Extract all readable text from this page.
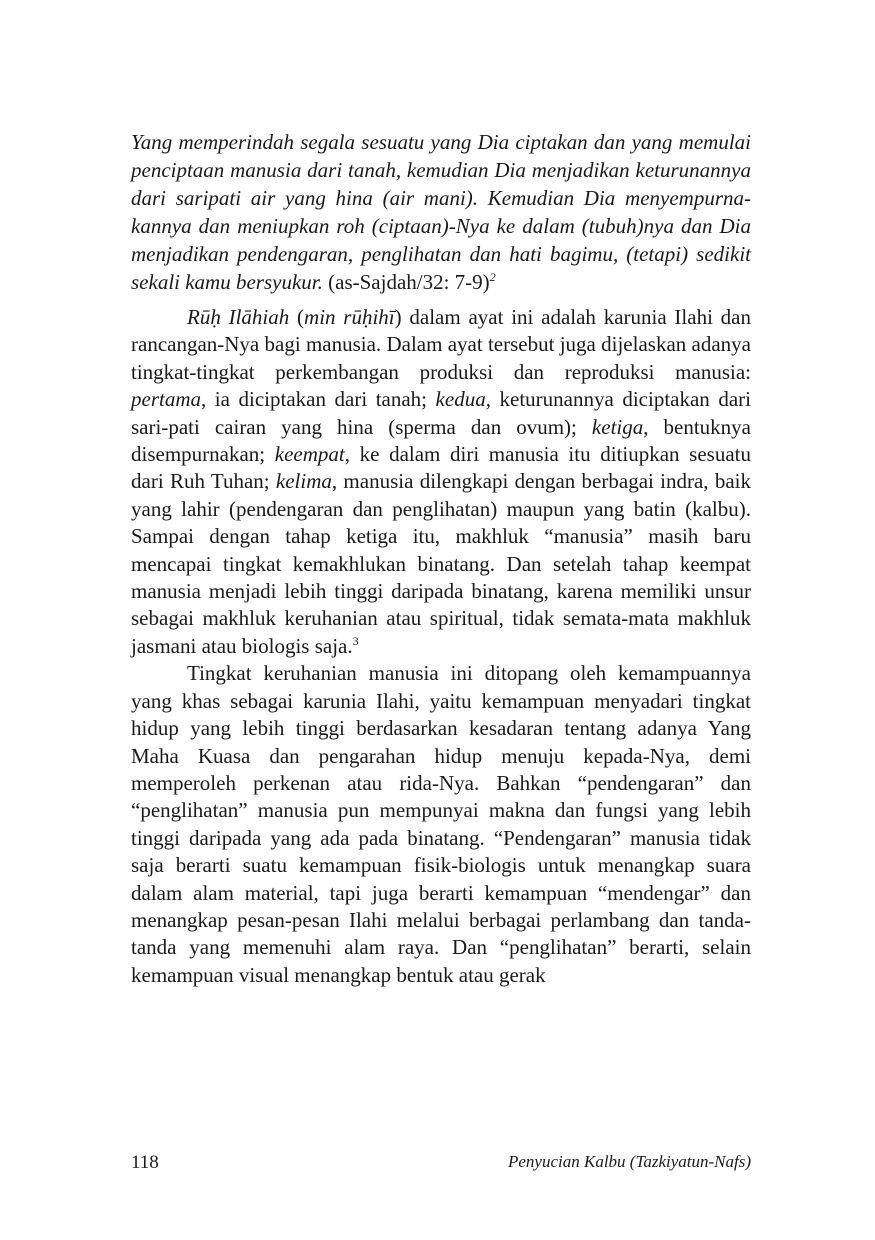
Yang memperindah segala sesuatu yang Dia ciptakan dan yang memulai penciptaan manusia dari tanah, kemudian Dia menjadikan keturunannya dari saripati air yang hina (air mani). Kemudian Dia menyempurnakannya dan meniupkan roh (ciptaan)-Nya ke dalam (tubuh)nya dan Dia menjadikan pendengaran, penglihatan dan hati bagimu, (tetapi) sedikit sekali kamu bersyukur. (as-Sajdah/32: 7-9)$^2$

Rūḥ Ilāhiah (min rūḥihī) dalam ayat ini adalah karunia Ilahi dan rancangan-Nya bagi manusia. Dalam ayat tersebut juga dijelaskan adanya tingkat-tingkat perkembangan produksi dan reproduksi manusia: pertama, ia diciptakan dari tanah; kedua, keturunannya diciptakan dari sari-pati cairan yang hina (sperma dan ovum); ketiga, bentuknya disempurnakan; keempat, ke dalam diri manusia itu ditiupkan sesuatu dari Ruh Tuhan; kelima, manusia dilengkapi dengan berbagai indra, baik yang lahir (pendengaran dan penglihatan) maupun yang batin (kalbu). Sampai dengan tahap ketiga itu, makhluk “manusia” masih baru mencapai tingkat kemakhlukan binatang. Dan setelah tahap keempat manusia menjadi lebih tinggi daripada binatang, karena memiliki unsur sebagai makhluk keruhanian atau spiritual, tidak semata-mata makhluk jasmani atau biologis saja.$^3$

Tingkat keruhanian manusia ini ditopang oleh kemampuannya yang khas sebagai karunia Ilahi, yaitu kemampuan menyadari tingkat hidup yang lebih tinggi berdasarkan kesadaran tentang adanya Yang Maha Kuasa dan pengarahan hidup menuju kepada-Nya, demi memperoleh perkenan atau rida-Nya. Bahkan “pendengaran” dan “penglihatan” manusia pun mempunyai makna dan fungsi yang lebih tinggi daripada yang ada pada binatang. “Pendengaran” manusia tidak saja berarti suatu kemampuan fisik-biologis untuk menangkap suara dalam alam material, tapi juga berarti kemampuan “mendengar” dan menangkap pesan-pesan Ilahi melalui berbagai perlambang dan tanda-tanda yang memenuhi alam raya. Dan “penglihatan” berarti, selain kemampuan visual menangkap bentuk atau gerak

118	Penyucian Kalbu (Tazkiyatun-Nafs)
